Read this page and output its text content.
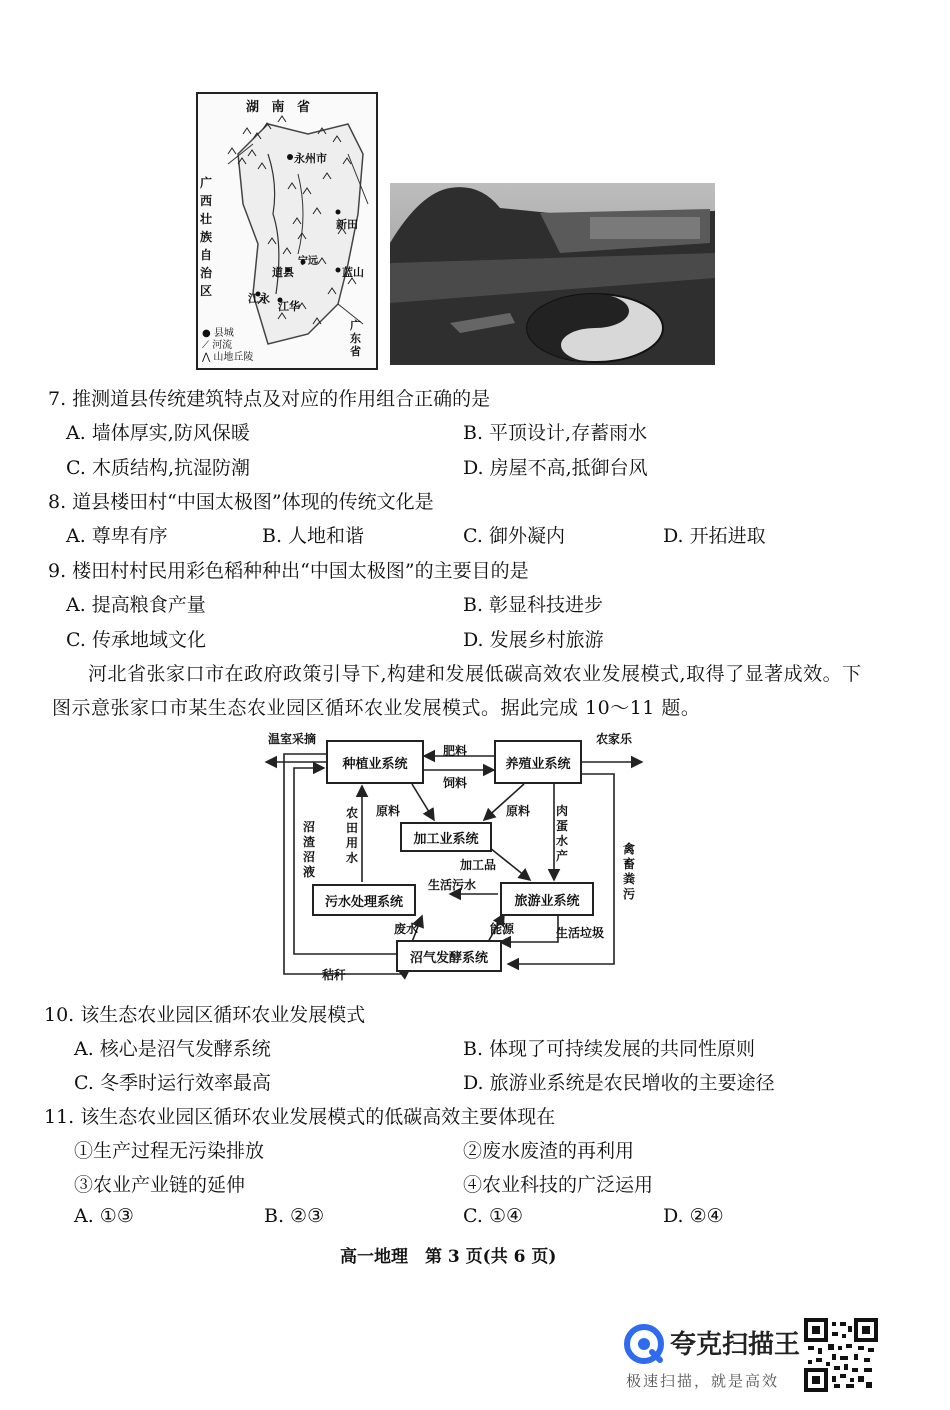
湖 南 省
广西壮族自治区
广东省
永州市
新田
宁远
道县	蓝山
江永
江华
● 县城
⟋ 河流
⋀ 山地丘陵
7. 推测道县传统建筑特点及对应的作用组合正确的是
A. 墙体厚实,防风保暖	B. 平顶设计,存蓄雨水
C. 木质结构,抗湿防潮	D. 房屋不高,抵御台风
8. 道县楼田村“中国太极图”体现的传统文化是
A. 尊卑有序	B. 人地和谐	C. 御外凝内	D. 开拓进取
9. 楼田村村民用彩色稻种种出“中国太极图”的主要目的是
A. 提高粮食产量	B. 彰显科技进步
C. 传承地域文化	D. 发展乡村旅游
河北省张家口市在政府政策引导下,构建和发展低碳高效农业发展模式,取得了显著成效。下
图示意张家口市某生态农业园区循环农业发展模式。据此完成 10～11 题。
种植业系统	养殖业系统
加工业系统
污水处理系统	旅游业系统
沼气发酵系统
温室采摘	农家乐
肥料
饲料
原料	原料 肉蛋水产	禽畜粪污
农田用水
沼渣沼液	加工品
生活污水
废水	能源	生活垃圾
秸秆
10. 该生态农业园区循环农业发展模式
A. 核心是沼气发酵系统	B. 体现了可持续发展的共同性原则
C. 冬季时运行效率最高	D. 旅游业系统是农民增收的主要途径
11. 该生态农业园区循环农业发展模式的低碳高效主要体现在
①生产过程无污染排放	②废水废渣的再利用
③农业产业链的延伸	④农业科技的广泛运用
A. ①③	B. ②③	C. ①④	D. ②④
高一地理　第 3 页(共 6 页)
夸克扫描王
极速扫描，就是高效
